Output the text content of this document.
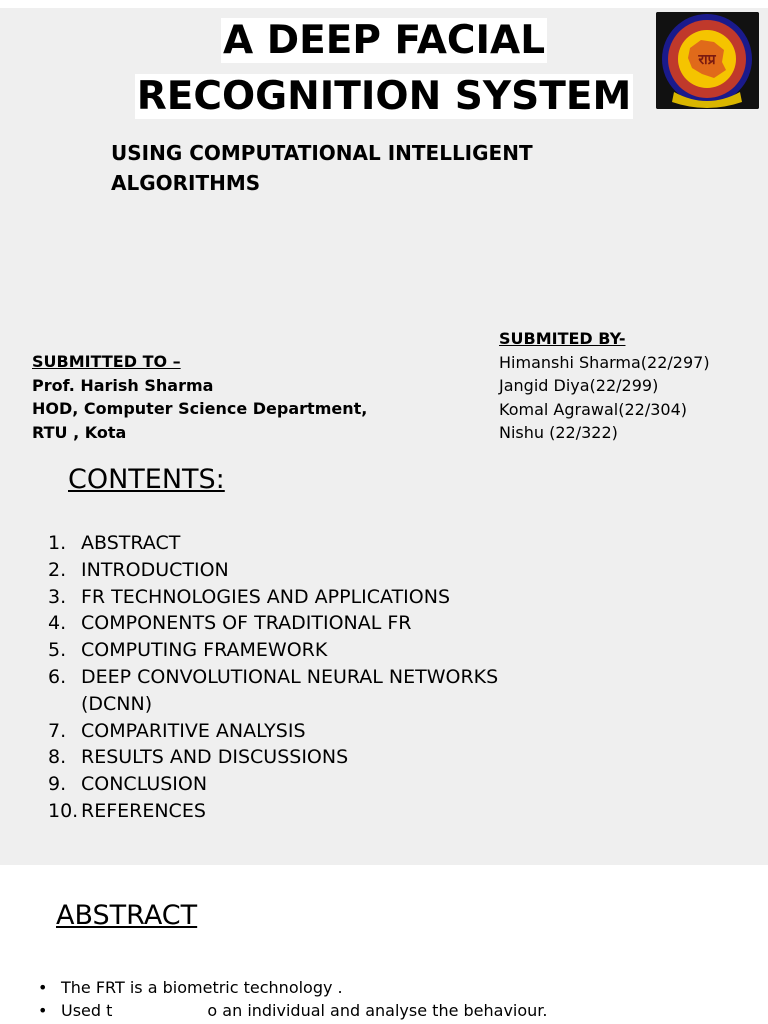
A DEEP FACIAL
RECOGNITION SYSTEM
राप्र
USING COMPUTATIONAL INTELLIGENT
ALGORITHMS
SUBMITTED TO –
Prof. Harish Sharma
HOD, Computer Science Department,
RTU , Kota
SUBMITED BY-
Himanshi Sharma(22/297)
Jangid Diya(22/299)
Komal Agrawal(22/304)
Nishu (22/322)
CONTENTS:
1. ABSTRACT
2. INTRODUCTION
3. FR TECHNOLOGIES AND APPLICATIONS
4. COMPONENTS OF TRADITIONAL FR
5. COMPUTING FRAMEWORK
6. DEEP CONVOLUTIONAL NEURAL NETWORKS (DCNN)
7. COMPARITIVE ANALYSIS
8. RESULTS AND DISCUSSIONS
9. CONCLUSION
10. REFERENCES
ABSTRACT
• The FRT is a biometric technology .
• Used t	o an individual and analyse the behaviour.
